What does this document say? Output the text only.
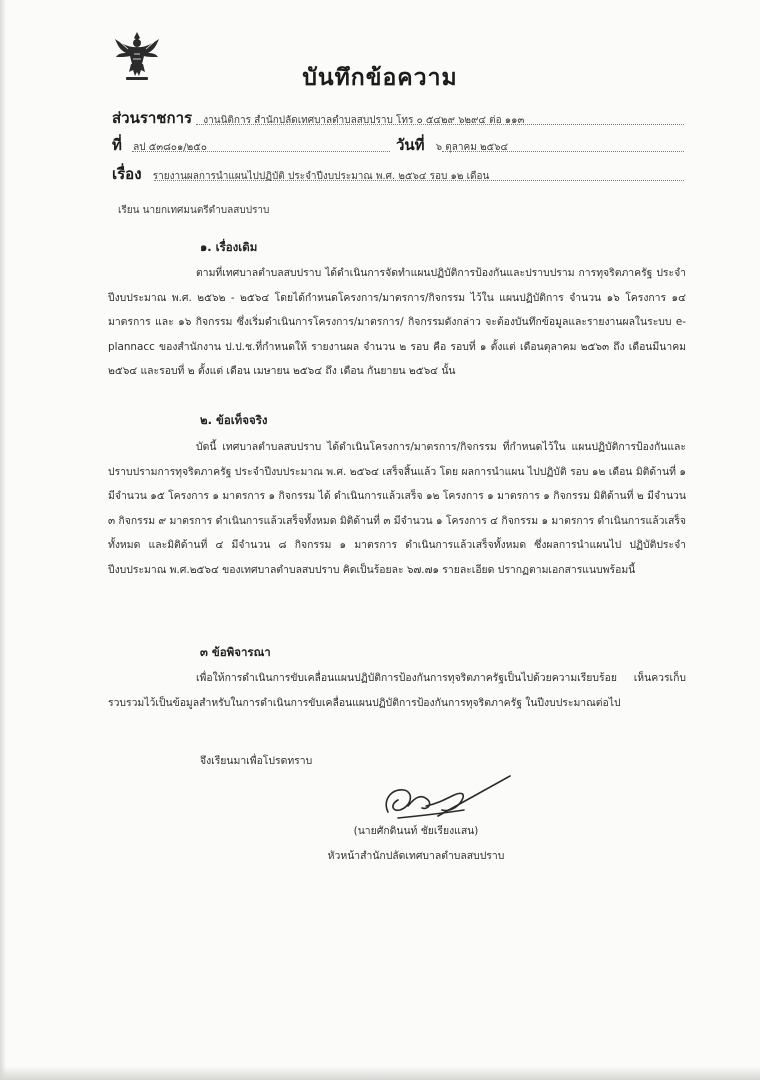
บันทึกข้อความ
ส่วนราชการ งานนิติการ สำนักปลัดเทศบาลตำบลสบปราบ โทร ๐ ๕๔๒๙ ๖๒๙๔ ต่อ ๑๑๓
ที่ ลป ๕๓๘๐๑/๒๕๐	วันที่ ๖ ตุลาคม ๒๕๖๔
เรื่อง รายงานผลการนำแผนไปปฏิบัติ ประจำปีงบประมาณ พ.ศ. ๒๕๖๔ รอบ ๑๒ เดือน
เรียน นายกเทศมนตรีตำบลสบปราบ
๑. เรื่องเดิม

ตามที่เทศบาลตำบลสบปราบ ได้ดำเนินการจัดทำแผนปฏิบัติการป้องกันและปราบปราม การทุจริตภาครัฐ ประจำปีงบประมาณ พ.ศ. ๒๕๖๒ - ๒๕๖๔ โดยได้กำหนดโครงการ/มาตรการ/กิจกรรม ไว้ใน แผนปฏิบัติการ จำนวน ๑๖ โครงการ ๑๔ มาตรการ และ ๑๖ กิจกรรม ซึ่งเริ่มดำเนินการโครงการ/มาตรการ/ กิจกรรมดังกล่าว จะต้องบันทึกข้อมูลและรายงานผลในระบบ e-plannacc ของสำนักงาน ป.ป.ช.ที่กำหนดให้ รายงานผล จำนวน ๒ รอบ คือ รอบที่ ๑ ตั้งแต่ เดือนตุลาคม ๒๕๖๓ ถึง เดือนมีนาคม ๒๕๖๔ และรอบที่ ๒ ตั้งแต่ เดือน เมษายน ๒๕๖๔ ถึง เดือน กันยายน ๒๕๖๔ นั้น

๒. ข้อเท็จจริง

บัดนี้ เทศบาลตำบลสบปราบ ได้ดำเนินโครงการ/มาตรการ/กิจกรรม ที่กำหนดไว้ใน แผนปฏิบัติการป้องกันและปราบปรามการทุจริตภาครัฐ ประจำปีงบประมาณ พ.ศ. ๒๕๖๔ เสร็จสิ้นแล้ว โดย ผลการนำแผน ไปปฏิบัติ รอบ ๑๒ เดือน มิติด้านที่ ๑ มีจำนวน ๑๕ โครงการ ๑ มาตรการ ๑ กิจกรรม ได้ ดำเนินการแล้วเสร็จ ๑๒ โครงการ ๑ มาตรการ ๑ กิจกรรม มิติด้านที่ ๒ มีจำนวน ๓ กิจกรรม ๙ มาตรการ ดำเนินการแล้วเสร็จทั้งหมด มิติด้านที่ ๓ มีจำนวน ๑ โครงการ ๔ กิจกรรม ๑ มาตรการ ดำเนินการแล้วเสร็จ ทั้งหมด และมิติด้านที่ ๔ มีจำนวน ๘ กิจกรรม ๑ มาตรการ ดำเนินการแล้วเสร็จทั้งหมด ซึ่งผลการนำแผนไป ปฏิบัติประจำปีงบประมาณ พ.ศ.๒๕๖๔ ของเทศบาลตำบลสบปราบ คิดเป็นร้อยละ ๖๗.๗๑ รายละเอียด ปรากฏตามเอกสารแนบพร้อมนี้

๓ ข้อพิจารณา

เพื่อให้การดำเนินการขับเคลื่อนแผนปฏิบัติการป้องกันการทุจริตภาครัฐเป็นไปด้วยความเรียบร้อย เห็นควรเก็บรวบรวมไว้เป็นข้อมูลสำหรับในการดำเนินการขับเคลื่อนแผนปฏิบัติการป้องกันการทุจริตภาครัฐ ในปีงบประมาณต่อไป

จึงเรียนมาเพื่อโปรดทราบ
(นายศักดินนท์ ชัยเรียงแสน)
หัวหน้าสำนักปลัดเทศบาลตำบลสบปราบ
